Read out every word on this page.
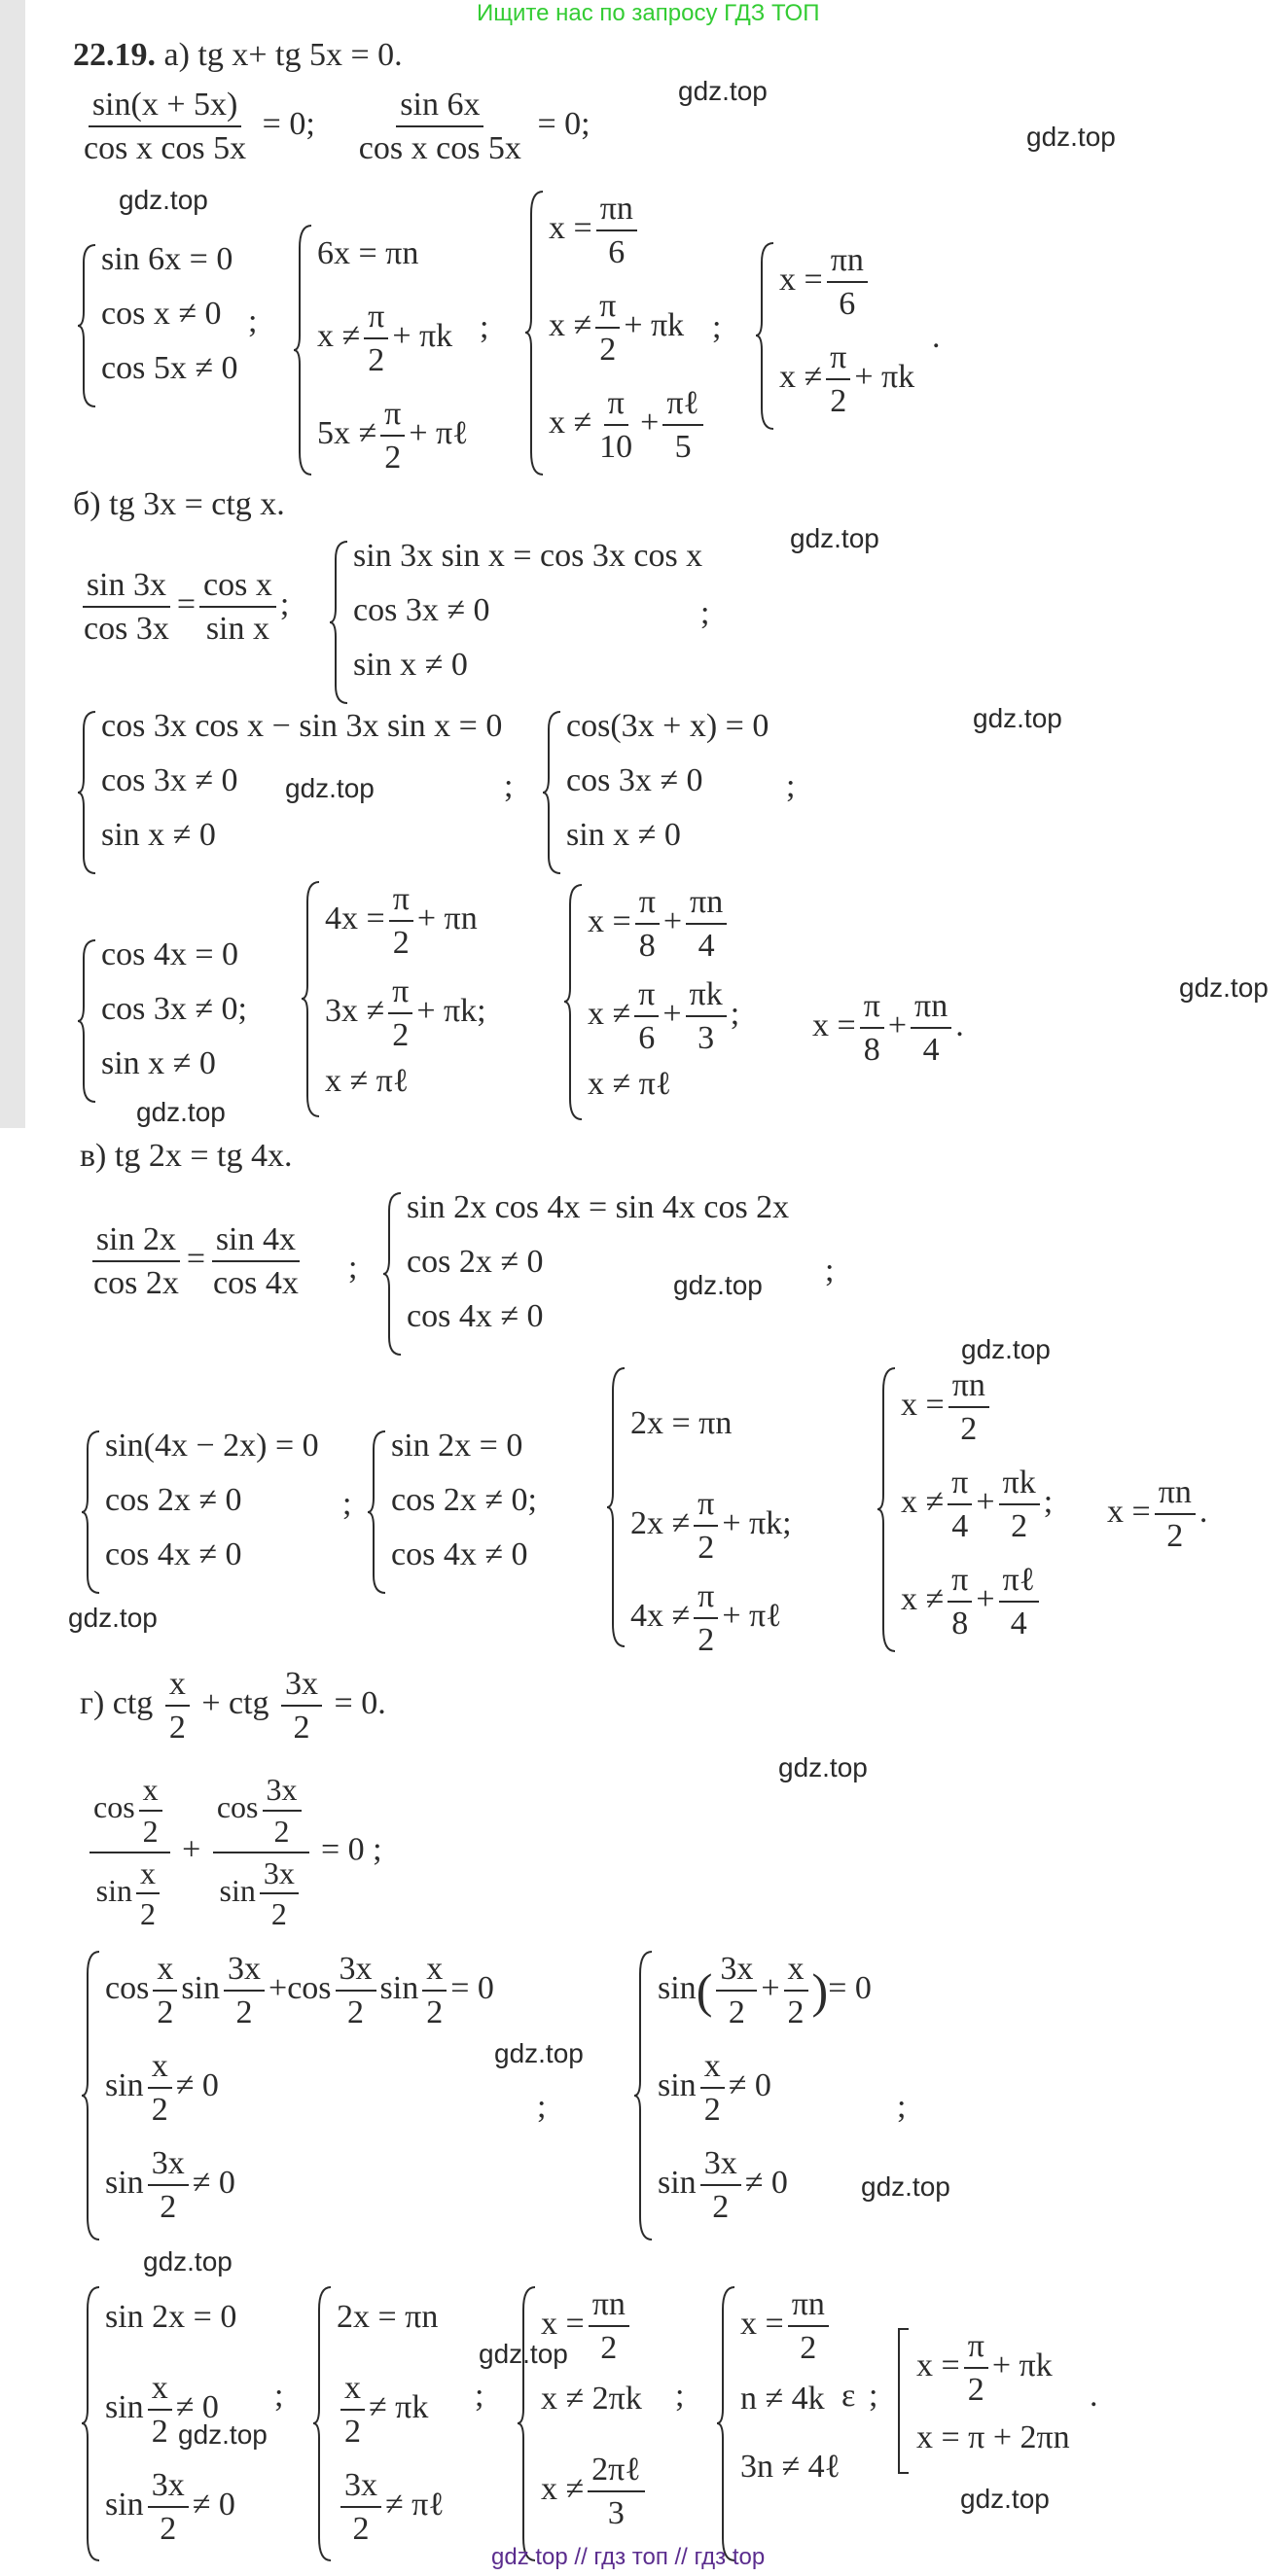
Ищите нас по запросу ГДЗ ТОП
gdz.top
gdz.top
gdz.top
gdz.top
gdz.top
gdz.top
gdz.top
gdz.top
gdz.top
gdz.top
gdz.top
gdz.top
gdz.top
gdz.top
gdz.top
gdz.top
gdz.top
gdz.top
22.19. а) tg x+ tg 5x = 0.
$\frac{\sin(x + 5x)}{\text{cos x cos 5x}} = 0$; $\frac{\sin 6x}{\text{cos x cos 5x}} = 0$;
sin 6x = 0
cos x ≠ 0
cos 5x ≠ 0
;
6x = πn
$x \ne \frac{\pi}{2} + \pi k$
$5x \ne \frac{\pi}{2}$ + πℓ
;
$x = \frac{\pi n}{6}$
$x \ne \frac{\pi}{2} + \pi k$
$x \ne \frac{\pi}{10} + \frac{\text{πℓ}}{5}$
;
$x = \frac{\pi n}{6}$
$x \ne \frac{\pi}{2} + \pi k$
.
б) tg 3x = ctg x.
$\frac{\sin 3x}{\cos 3x} = \frac{\text{cos x}}{\text{sin x}}$ ;
sin 3x sin x = cos 3x cos x
cos 3x ≠ 0
sin x ≠ 0
;
cos 3x cos x − sin 3x sin x = 0
cos 3x ≠ 0
sin x ≠ 0
;
cos(3x + x) = 0
cos 3x ≠ 0
sin x ≠ 0
;
cos 4x = 0
cos 3x ≠ 0;
sin x ≠ 0
$4x = \frac{\pi}{2} + \pi n$
$3x \ne \frac{\pi}{2} + \pi k$;
x ≠ πℓ
$x = \frac{\pi}{8} + \frac{\pi n}{4}$
$x \ne \frac{\pi}{6} + \frac{\pi k}{3}$ ;
x ≠ πℓ
$x = \frac{\pi}{8} + \frac{\pi n}{4}$ .
в) tg 2x = tg 4x.
$\frac{\sin 2x}{\cos 2x} = \frac{\sin 4x}{\cos 4x}$ ;
sin 2x cos 4x = sin 4x cos 2x
cos 2x ≠ 0
cos 4x ≠ 0
;
sin(4x − 2x) = 0
cos 2x ≠ 0
cos 4x ≠ 0
;
sin 2x = 0
cos 2x ≠ 0;
cos 4x ≠ 0
2x = πn
$2x \ne \frac{\pi}{2} + \pi k$;
$4x \ne \frac{\pi}{2}$ + πℓ
$x = \frac{\pi n}{2}$
$x \ne \frac{\pi}{4} + \frac{\pi k}{2}$ ;
$x \ne \frac{\pi}{8} + \frac{\text{πℓ}}{4}$
$x = \frac{\pi n}{2}$ .
г) ctg $\frac{x}{2}$ + ctg $\frac{3x}{2} = 0$.
$\frac{\cos \frac{x}{2}}{\sin \frac{x}{2}} + \frac{\cos \frac{3x}{2}}{\sin \frac{3x}{2}} = 0$ ;
$\cos \frac{x}{2}$ $\sin \frac{3x}{2} +\cos \frac{3x}{2}$ $\sin \frac{x}{2} = 0$
$\sin \frac{x}{2} \ne 0$
$\sin \frac{3x}{2} \ne 0$
;
$\sin( \frac{3x}{2} + \frac{x}{2}$ )= 0
$\sin \frac{x}{2} \ne 0$
$\sin \frac{3x}{2} \ne 0$
;
sin 2x = 0
$\sin \frac{x}{2} \ne 0$
$\sin \frac{3x}{2} \ne 0$
;
2x = πn
$\frac{x}{2} \ne \pi k$
$\frac{3x}{2}$ ≠ πℓ
;
$x = \frac{\pi n}{2}$
x ≠ 2πk
$x \ne \frac{\text{2πℓ}}{3}$
;
$x = \frac{\pi n}{2}$
n ≠ 4k
3n ≠ 4ℓ
ε ;
$x = \frac{\pi}{2} + \pi k$
x = π + 2πn
.
gdz top // гдз топ // гдз top
